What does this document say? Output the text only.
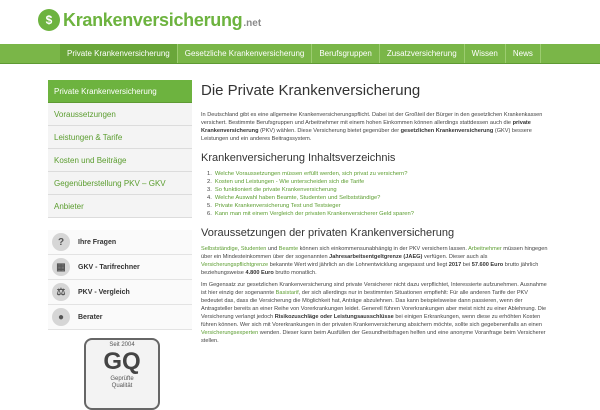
$ Krankenversicherung .net
Private Krankenversicherung	Gesetzliche Krankenversicherung	Berufsgruppen	Zusatzversicherung	Wissen	News
Private Krankenversicherung
Voraussetzungen
Leistungen & Tarife
Kosten und Beiträge
Gegenüberstellung PKV – GKV
Anbieter
?	Ihre Fragen
▦	GKV - Tarifrechner
⚖	PKV - Vergleich
●	Berater
Seit 2004
GQ
Geprüfte
Qualität
Die Private Krankenversicherung

In Deutschland gibt es eine allgemeine Krankenversicherungspflicht. Dabei ist der Großteil der Bürger in den gesetzlichen Krankenkassen versichert. Bestimmte Berufsgruppen und Arbeitnehmer mit einem hohen Einkommen können allerdings stattdessen auch die private Krankenversicherung (PKV) wählen. Diese Versicherung bietet gegenüber der gesetzlichen Krankenversicherung (GKV) bessere Leistungen und ein anderes Beitragssystem.

Krankenversicherung Inhaltsverzeichnis
1. Welche Voraussetzungen müssen erfüllt werden, sich privat zu versichern?
2. Kosten und Leistungen - Wie unterscheiden sich die Tarife
3. So funktioniert die private Krankenversicherung
4. Welche Auswahl haben Beamte, Studenten und Selbstständige?
5. Private Krankenversicherung Test und Testsieger
6. Kann man mit einem Vergleich der privaten Krankenversicherer Geld sparen?
Voraussetzungen der privaten Krankenversicherung

Selbstständige, Studenten und Beamte können sich einkommensunabhängig in der PKV versichern lassen. Arbeitnehmer müssen hingegen über ein Mindesteinkommen über der sogenannten Jahresarbeitsentgeltgrenze (JAEG) verfügen. Dieser auch als Versicherungspflichtgrenze bekannte Wert wird jährlich an die Lohnentwicklung angepasst und liegt 2017 bei 57.600 Euro brutto jährlich beziehungsweise 4.800 Euro brutto monatlich.

Im Gegensatz zur gesetzlichen Krankenversicherung sind private Versicherer nicht dazu verpflichtet, Interessierte aufzunehmen. Ausnahme ist hier einzig der sogenannte Basistarif, der sich allerdings nur in bestimmten Situationen empfiehlt: Für alle anderen Tarife der PKV bedeutet das, dass die Versicherung die Möglichkeit hat, Anträge abzulehnen. Das kann beispielsweise dann passieren, wenn der Antragsteller bereits an einer Reihe von Vorerkrankungen leidet. Generell führen Vorerkrankungen aber meist nicht zu einer Ablehnung. Die Versicherung verlangt jedoch Risikozuschläge oder Leistungsausschlüsse bei einigen Erkrankungen, wenn diese zu erhöhten Kosten führen können. Wer sich mit Vorerkrankungen in der privaten Krankenversicherung absichern möchte, sollte sich gegebenenfalls an einen Versicherungsexperten wenden. Dieser kann beim Ausfüllen der Gesundheitsfragen helfen und eine anonyme Voranfrage beim Versicherer stellen.
